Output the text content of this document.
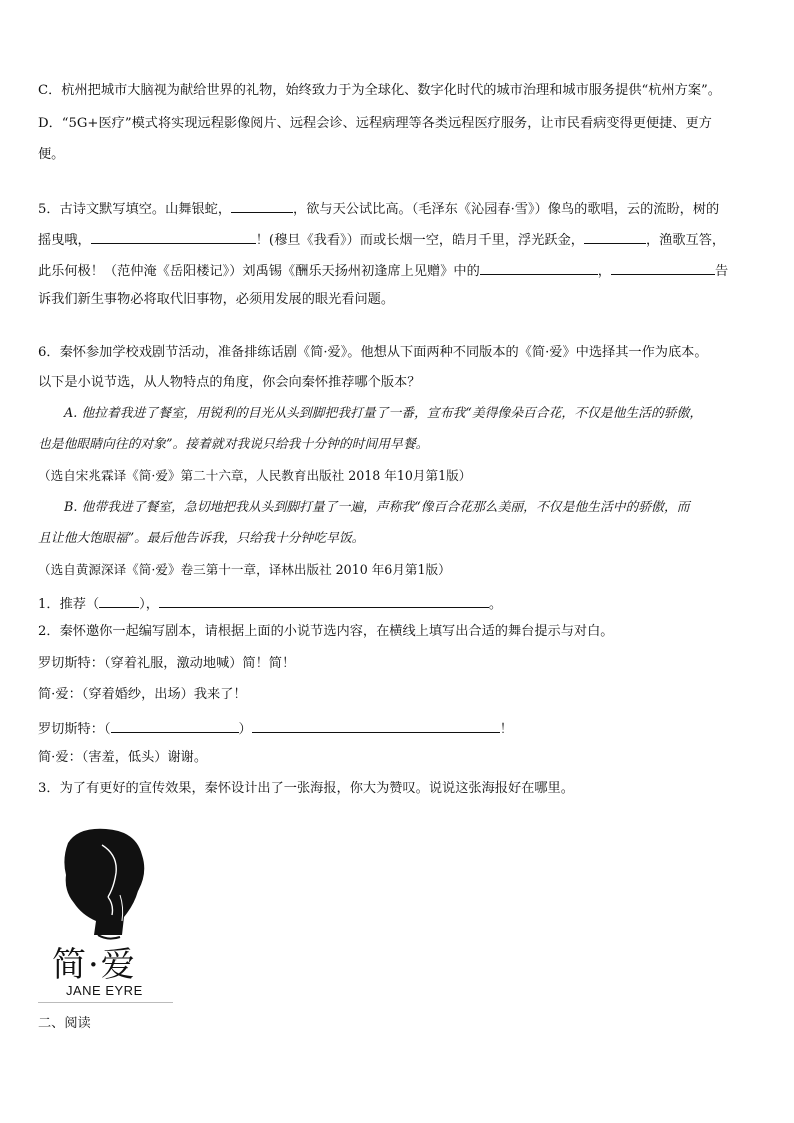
C．杭州把城市大脑视为献给世界的礼物，始终致力于为全球化、数字化时代的城市治理和城市服务提供“杭州方案”。
D．“5G+医疗”模式将实现远程影像阅片、远程会诊、远程病理等各类远程医疗服务，让市民看病变得更便捷、更方
便。
5．古诗文默写填空。山舞银蛇，	，欲与天公试比高。（毛泽东《沁园春·雪》）像鸟的歌唱，云的流盼，树的
摇曳哦，	！(穆旦《我看》）而或长烟一空，皓月千里，浮光跃金，	，渔歌互答，
此乐何极！（范仲淹《岳阳楼记》）刘禹锡《酬乐天扬州初逢席上见赠》中的	，	告
诉我们新生事物必将取代旧事物，必须用发展的眼光看问题。
6．秦怀参加学校戏剧节活动，准备排练话剧《简·爱》。他想从下面两种不同版本的《简·爱》中选择其一作为底本。
以下是小说节选，从人物特点的角度，你会向秦怀推荐哪个版本？
A. 他拉着我进了餐室，用锐利的目光从头到脚把我打量了一番，宣布我“美得像朵百合花，不仅是他生活的骄傲，
也是他眼睛向往的对象”。接着就对我说只给我十分钟的时间用早餐。
（选自宋兆霖译《简·爱》第二十六章，人民教育出版社 2018 年10月第1版）
B. 他带我进了餐室，急切地把我从头到脚打量了一遍，声称我“像百合花那么美丽，不仅是他生活中的骄傲，而
且让他大饱眼福”。最后他告诉我，只给我十分钟吃早饭。
（选自黄源深译《简·爱》卷三第十一章，译林出版社 2010 年6月第1版）
1．推荐（	），	。
2．秦怀邀你一起编写剧本，请根据上面的小说节选内容，在横线上填写出合适的舞台提示与对白。
罗切斯特：（穿着礼服，激动地喊）简！简！
简·爱：（穿着婚纱，出场）我来了！
罗切斯特：（	）	！
简·爱：（害羞，低头）谢谢。
3．为了有更好的宣传效果，秦怀设计出了一张海报，你大为赞叹。说说这张海报好在哪里。
简·爱
JANE EYRE
二、阅读
